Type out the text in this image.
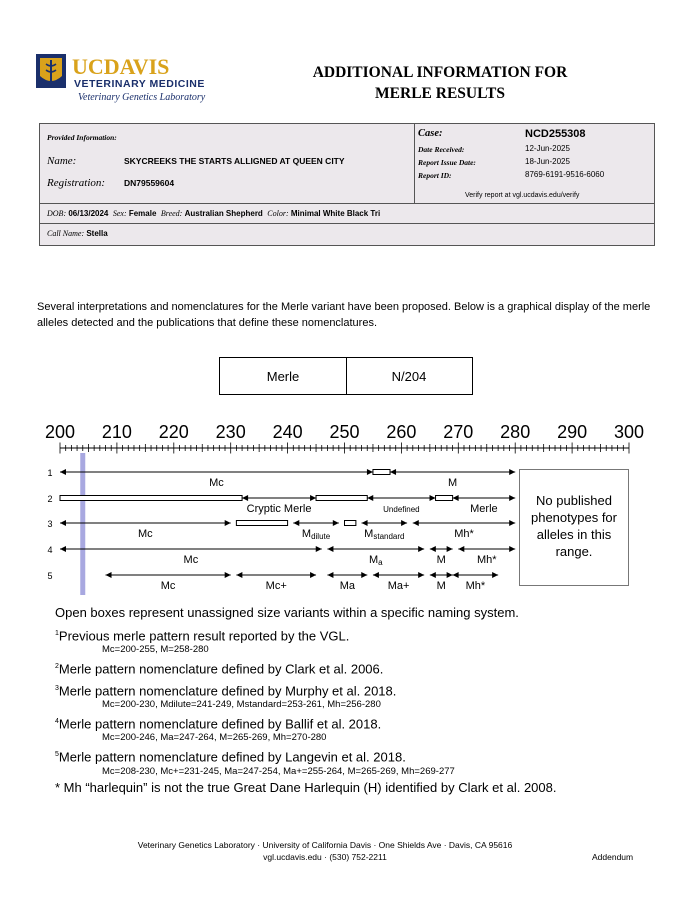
UCDAVIS
VETERINARY MEDICINE
Veterinary Genetics Laboratory
ADDITIONAL INFORMATION FOR
MERLE RESULTS
Provided Information:
Name:	SKYCREEKS THE STARTS ALLIGNED AT QUEEN CITY
Registration: DN79559604
Case:	NCD255308
Date Received:	12-Jun-2025
Report Issue Date:	18-Jun-2025
Report ID:	8769-6191-9516-6060
Verify report at vgl.ucdavis.edu/verify
DOB: 06/13/2024 Sex: Female Breed: Australian Shepherd Color: Minimal White Black Tri
Call Name: Stella
Several interpretations and nomenclatures for the Merle variant have been proposed. Below is a graphical display of the merle alleles detected and the publications that define these nomenclatures.
Merle	N/204
200 210 220 230 240 250 260 270 280 290 300
1
Mc	M
2
Cryptic Merle	Undefined	Merle
3
Mc	Mdilute	Mstandard	Mh*
4
Mc	Ma	M	Mh*
5
Mc	Mc+	Ma	Ma+ M Mh*
No published phenotypes for alleles in this range.
Open boxes represent unassigned size variants within a specific naming system.
$^1$Previous merle pattern result reported by the VGL.
Mc=200-255, M=258-280
$^2$Merle pattern nomenclature defined by Clark et al. 2006.
$^3$Merle pattern nomenclature defined by Murphy et al. 2018.
Mc=200-230, Mdilute=241-249, Mstandard=253-261, Mh=256-280
$^4$Merle pattern nomenclature defined by Ballif et al. 2018.
Mc=200-246, Ma=247-264, M=265-269, Mh=270-280
$^5$Merle pattern nomenclature defined by Langevin et al. 2018.
Mc=208-230, Mc+=231-245, Ma=247-254, Ma+=255-264, M=265-269, Mh=269-277
* Mh “harlequin” is not the true Great Dane Harlequin (H) identified by Clark et al. 2008.
Veterinary Genetics Laboratory · University of California Davis · One Shields Ave · Davis, CA 95616
vgl.ucdavis.edu · (530) 752-2211	Addendum
